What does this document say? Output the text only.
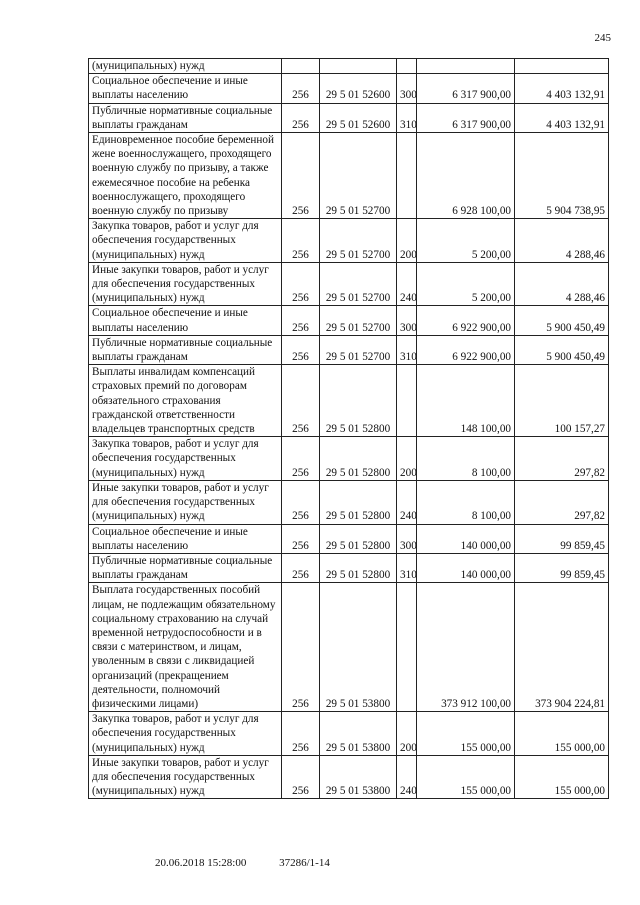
245
(муниципальных) нужд					
Социальное обеспечение и иные выплаты населению	256	29 5 01 52600	300	6 317 900,00	4 403 132,91
Публичные нормативные социальные выплаты гражданам	256	29 5 01 52600	310	6 317 900,00	4 403 132,91
Единовременное пособие беременной жене военнослужащего, проходящего военную службу по призыву, а также ежемесячное пособие на ребенка военнослужащего, проходящего военную службу по призыву	256	29 5 01 52700		6 928 100,00	5 904 738,95
Закупка товаров, работ и услуг для обеспечения государственных (муниципальных) нужд	256	29 5 01 52700	200	5 200,00	4 288,46
Иные закупки товаров, работ и услуг для обеспечения государственных (муниципальных) нужд	256	29 5 01 52700	240	5 200,00	4 288,46
Социальное обеспечение и иные выплаты населению	256	29 5 01 52700	300	6 922 900,00	5 900 450,49
Публичные нормативные социальные выплаты гражданам	256	29 5 01 52700	310	6 922 900,00	5 900 450,49
Выплаты инвалидам компенсаций страховых премий по договорам обязательного страхования гражданской ответственности владельцев транспортных средств	256	29 5 01 52800		148 100,00	100 157,27
Закупка товаров, работ и услуг для обеспечения государственных (муниципальных) нужд	256	29 5 01 52800	200	8 100,00	297,82
Иные закупки товаров, работ и услуг для обеспечения государственных (муниципальных) нужд	256	29 5 01 52800	240	8 100,00	297,82
Социальное обеспечение и иные выплаты населению	256	29 5 01 52800	300	140 000,00	99 859,45
Публичные нормативные социальные выплаты гражданам	256	29 5 01 52800	310	140 000,00	99 859,45
Выплата государственных пособий лицам, не подлежащим обязательному социальному страхованию на случай временной нетрудоспособности и в связи с материнством, и лицам, уволенным в связи с ликвидацией организаций (прекращением деятельности, полномочий физическими лицами)	256	29 5 01 53800		373 912 100,00	373 904 224,81
Закупка товаров, работ и услуг для обеспечения государственных (муниципальных) нужд	256	29 5 01 53800	200	155 000,00	155 000,00
Иные закупки товаров, работ и услуг для обеспечения государственных (муниципальных) нужд	256	29 5 01 53800	240	155 000,00	155 000,00
20.06.2018 15:28:00	37286/1-14
